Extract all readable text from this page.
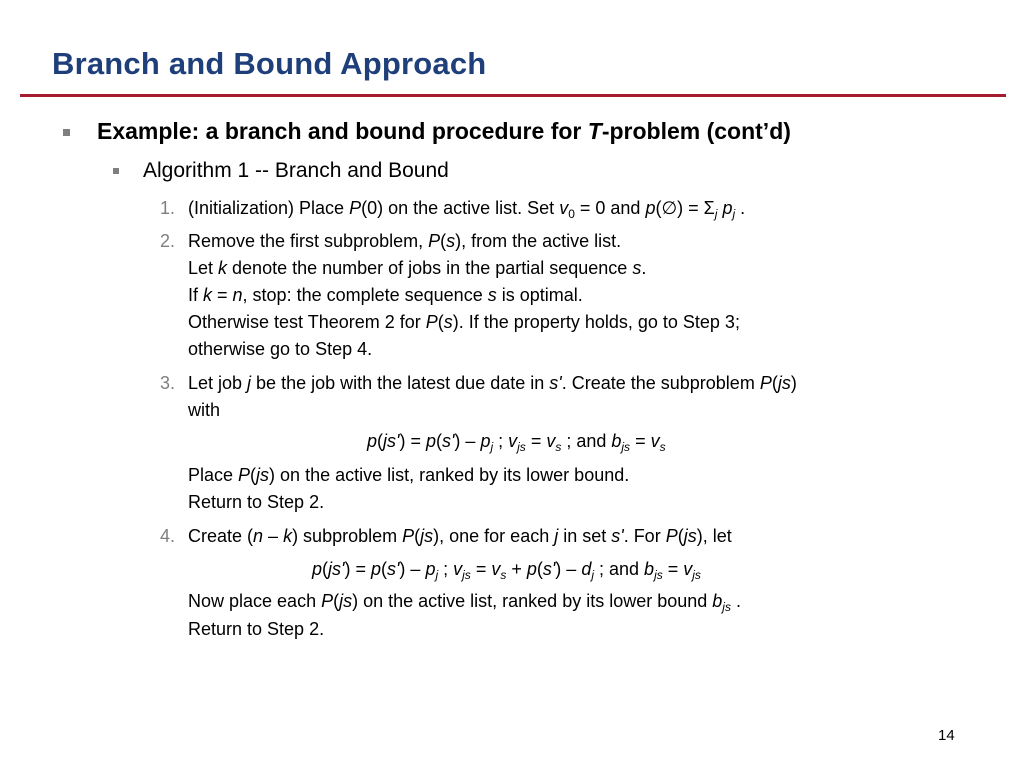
Branch and Bound Approach
Example: a branch and bound procedure for T-problem (cont’d)
Algorithm 1 -- Branch and Bound
1. (Initialization) Place P(0) on the active list. Set $v_0 = 0$ and p(∅) = $\Sigma_j$ $p_j$ .
2. Remove the first subproblem, P(s), from the active list.
Let k denote the number of jobs in the partial sequence s.
If k = n, stop: the complete sequence s is optimal.
Otherwise test Theorem 2 for P(s). If the property holds, go to Step 3;
otherwise go to Step 4.
3. Let job j be the job with the latest due date in s'. Create the subproblem P(js)
with
$p(js') = p(s') - p_j$ ; $v_{js} = v_s$ ; and $b_{js} = v_s$
Place P(js) on the active list, ranked by its lower bound.
Return to Step 2.
4. Create (n – k) subproblem P(js), one for each j in set s'. For P(js), let
$p(js') = p(s') - p_j$ ; $v_{js} = v_s + p(s') - d_j$ ; and $b_{js} = v_{js}$
Now place each P(js) on the active list, ranked by its lower bound $b_{js}$ .
Return to Step 2.
14
